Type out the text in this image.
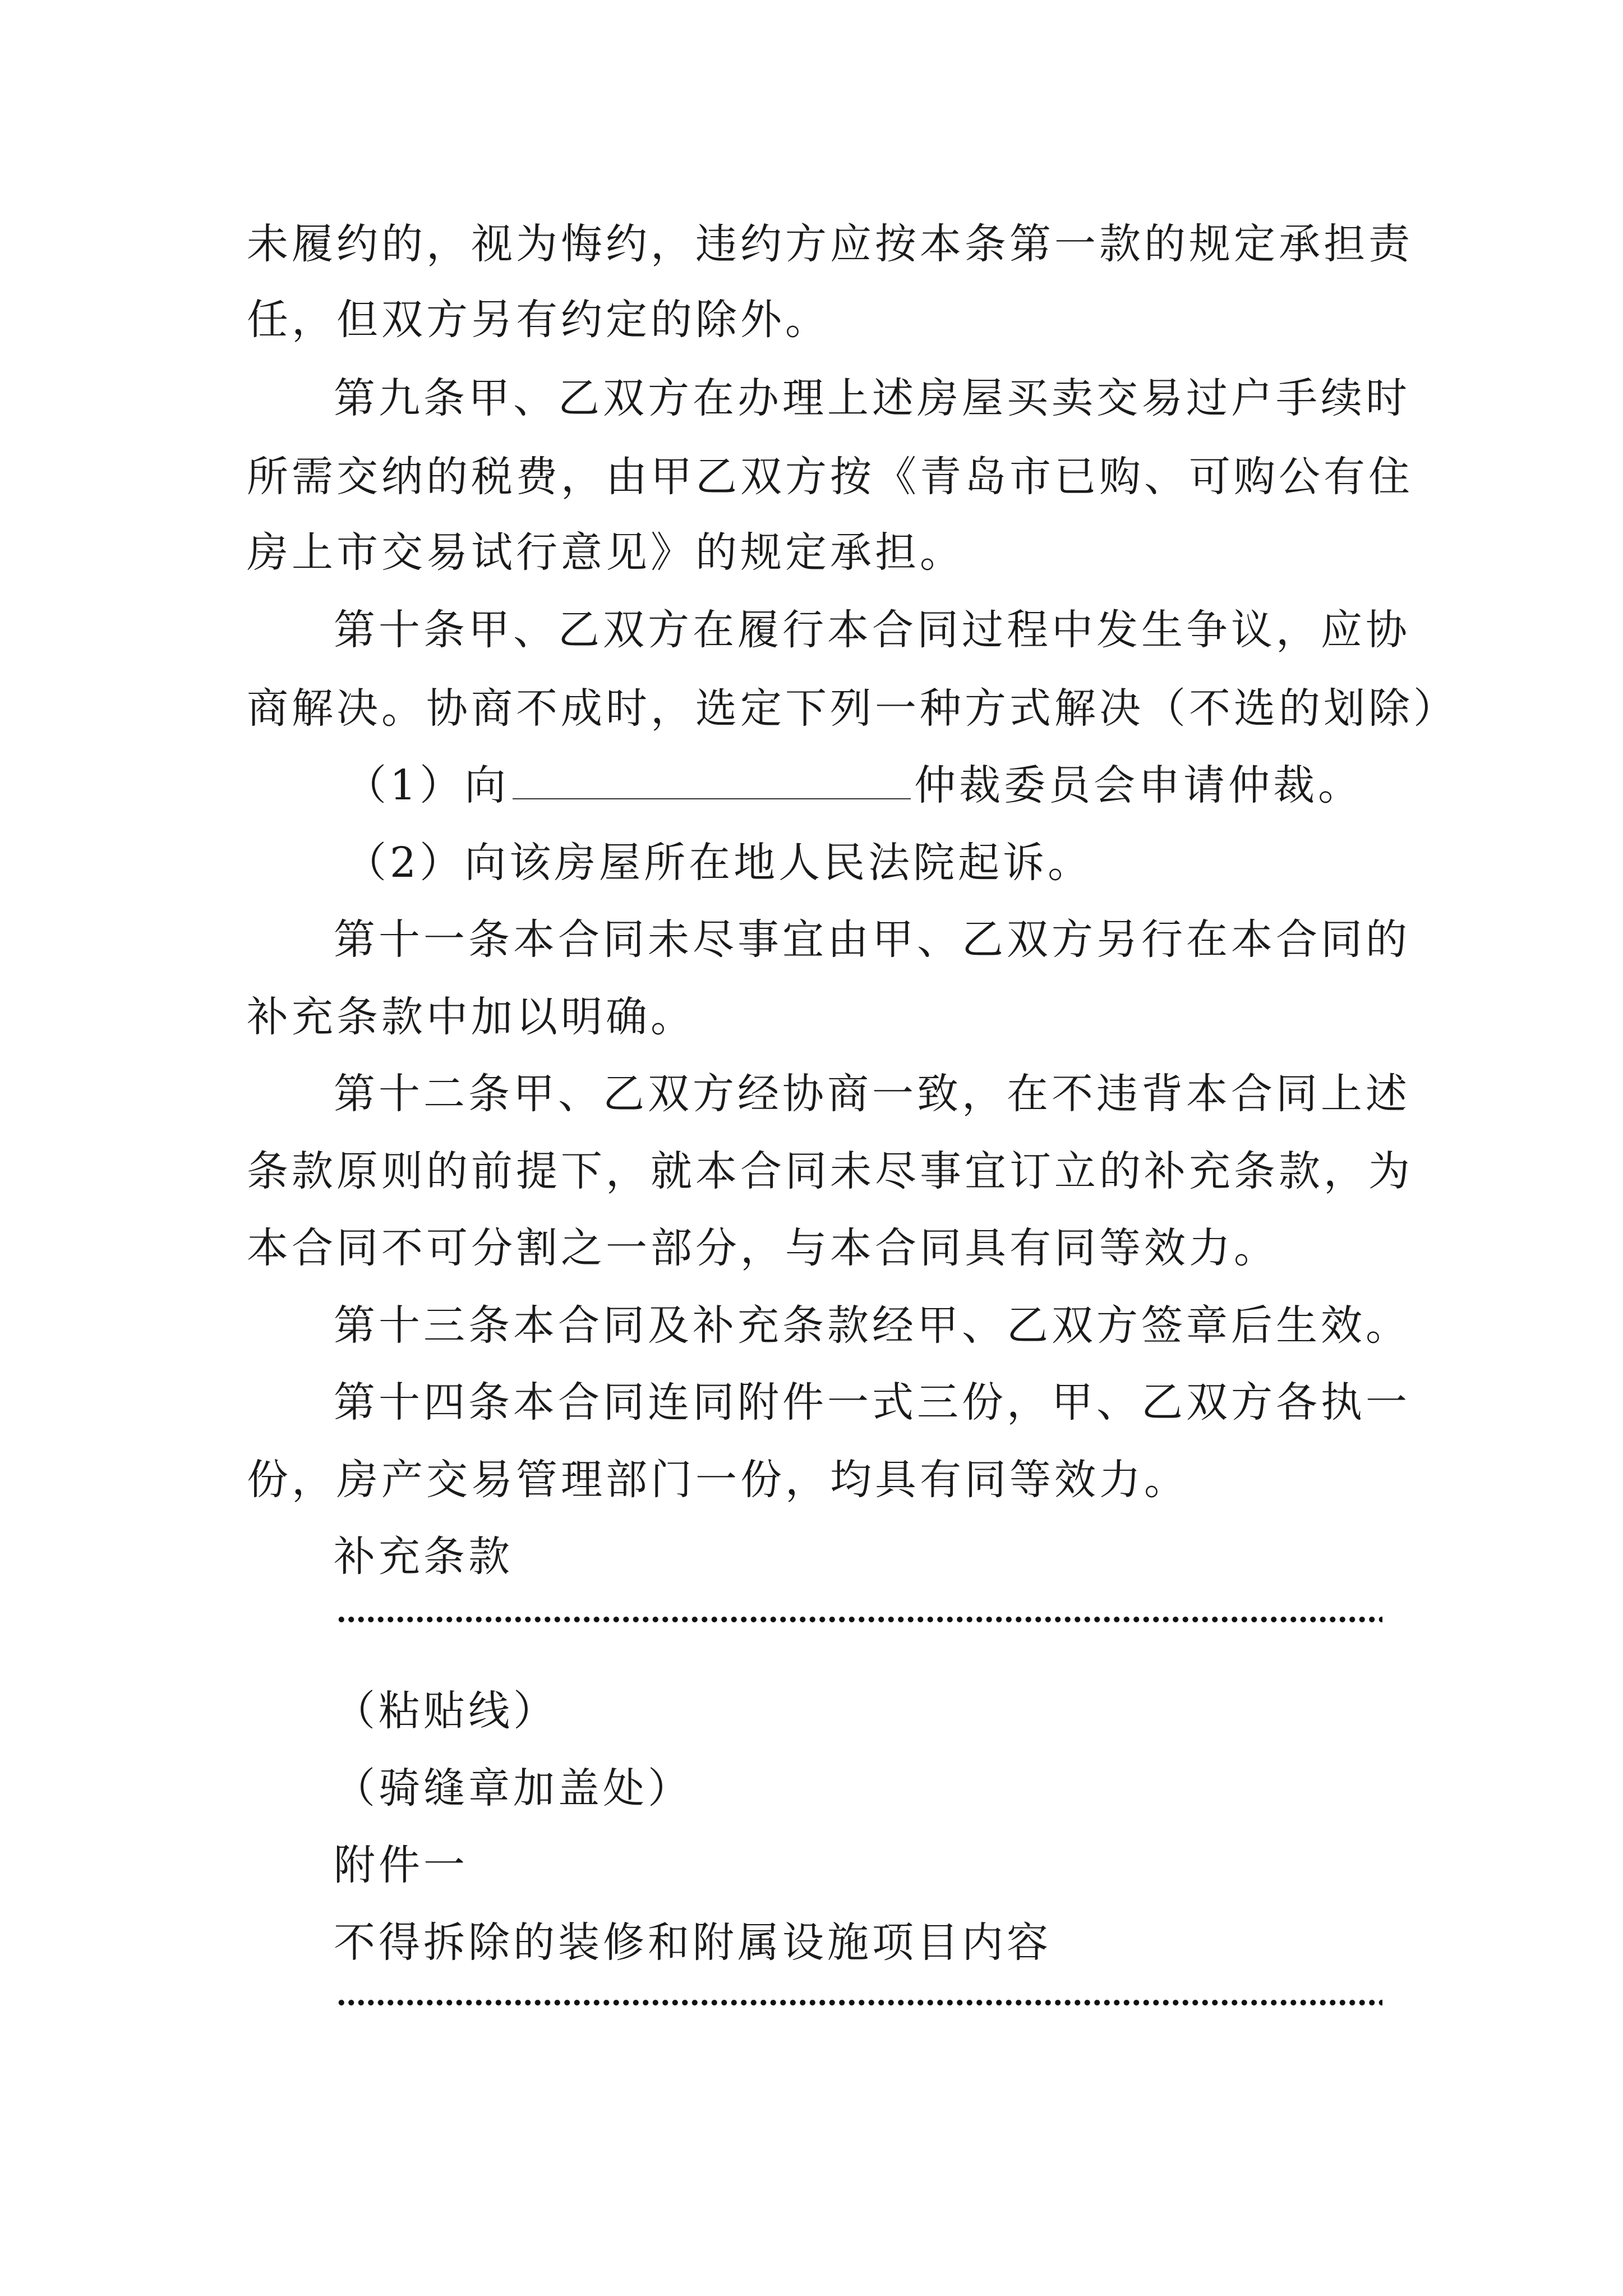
未履约的，视为悔约，违约方应按本条第一款的规定承担责
任，但双方另有约定的除外。
第九条甲、乙双方在办理上述房屋买卖交易过户手续时
所需交纳的税费，由甲乙双方按《青岛市已购、可购公有住
房上市交易试行意见》的规定承担。
第十条甲、乙双方在履行本合同过程中发生争议，应协
商解决。协商不成时，选定下列一种方式解决（不选的划除）
（1）向	仲裁委员会申请仲裁。
（2）向该房屋所在地人民法院起诉。
第十一条本合同未尽事宜由甲、乙双方另行在本合同的
补充条款中加以明确。
第十二条甲、乙双方经协商一致，在不违背本合同上述
条款原则的前提下，就本合同未尽事宜订立的补充条款，为
本合同不可分割之一部分，与本合同具有同等效力。
第十三条本合同及补充条款经甲、乙双方签章后生效。
第十四条本合同连同附件一式三份，甲、乙双方各执一
份，房产交易管理部门一份，均具有同等效力。
补充条款
（粘贴线）
（骑缝章加盖处）
附件一
不得拆除的装修和附属设施项目内容
